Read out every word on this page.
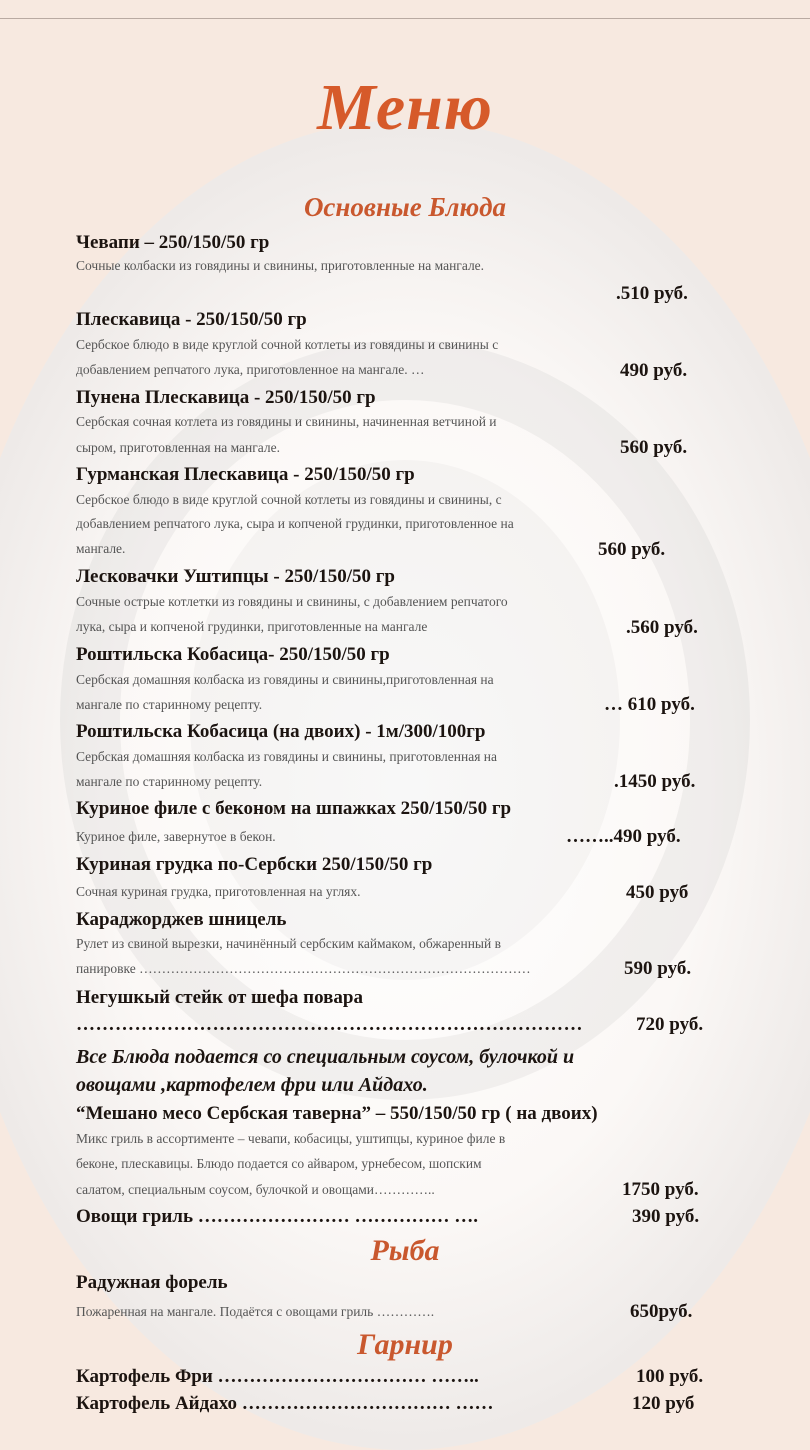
Меню
Основные Блюда
Чевапи – 250/150/50 гр
Сочные колбаски из говядины и свинины, приготовленные на мангале.
.510 руб.
Плескавица - 250/150/50 гр
Сербское блюдо в виде круглой сочной котлеты из говядины и свинины с
добавлением репчатого лука, приготовленное на мангале. …	490 руб.
Пунена Плескавица - 250/150/50 гр
Сербская сочная котлета из говядины и свинины, начиненная ветчиной и
сыром, приготовленная на мангале.	560 руб.
Гурманская Плескавица - 250/150/50 гр
Сербское блюдо в виде круглой сочной котлеты из говядины и свинины, с
добавлением репчатого лука, сыра и копченой грудинки, приготовленное на
мангале.	560 руб.
Лесковачки Уштипцы - 250/150/50 гр
Сочные острые котлетки из говядины и свинины, с добавлением репчатого
лука, сыра и копченой грудинки, приготовленные на мангале	.560 руб.
Роштильска Кобасица- 250/150/50 гр
Сербская домашняя колбаска из говядины и свинины,приготовленная на
мангале по старинному рецепту.	… 610 руб.
Роштильска Кобасица (на двоих) - 1м/300/100гр
Сербская домашняя колбаска из говядины и свинины, приготовленная на
мангале по старинному рецепту.	.1450 руб.
Куриное филе с беконом на шпажках 250/150/50 гр
Куриное филе, завернутое в бекон.	……..490 руб.
Куриная грудка по-Сербски 250/150/50 гр
Сочная куриная грудка, приготовленная на углях.	450 руб
Караджорджев шницель
Рулет из свиной вырезки, начинённый сербским каймаком, обжаренный в
панировке ……………………………………………………………………………	590 руб.
Негушкый стейк от шефа повара
……………………………………………………………………	720 руб.
Все Блюда подается со специальным соусом, булочкой и
овощами ,картофелем фри или Айдахо.
“Мешано месо Сербская таверна” – 550/150/50 гр ( на двоих)
Микс гриль в ассортименте – чевапи, кобасицы, уштипцы, куриное филе в
беконе, плескавицы. Блюдо подается со айваром, урнебесом, шопским
салатом, специальным соусом, булочкой и овощами…………..	1750 руб.
Овощи гриль …………………… …………… ….	390 руб.
Рыба
Радужная форель
Пожаренная на мангале. Подаётся с овощами гриль ………….	650руб.
Гарнир
Картофель Фри …………………………… ……..	100 руб.
Картофель Айдахо …………………………… ……	120 руб
